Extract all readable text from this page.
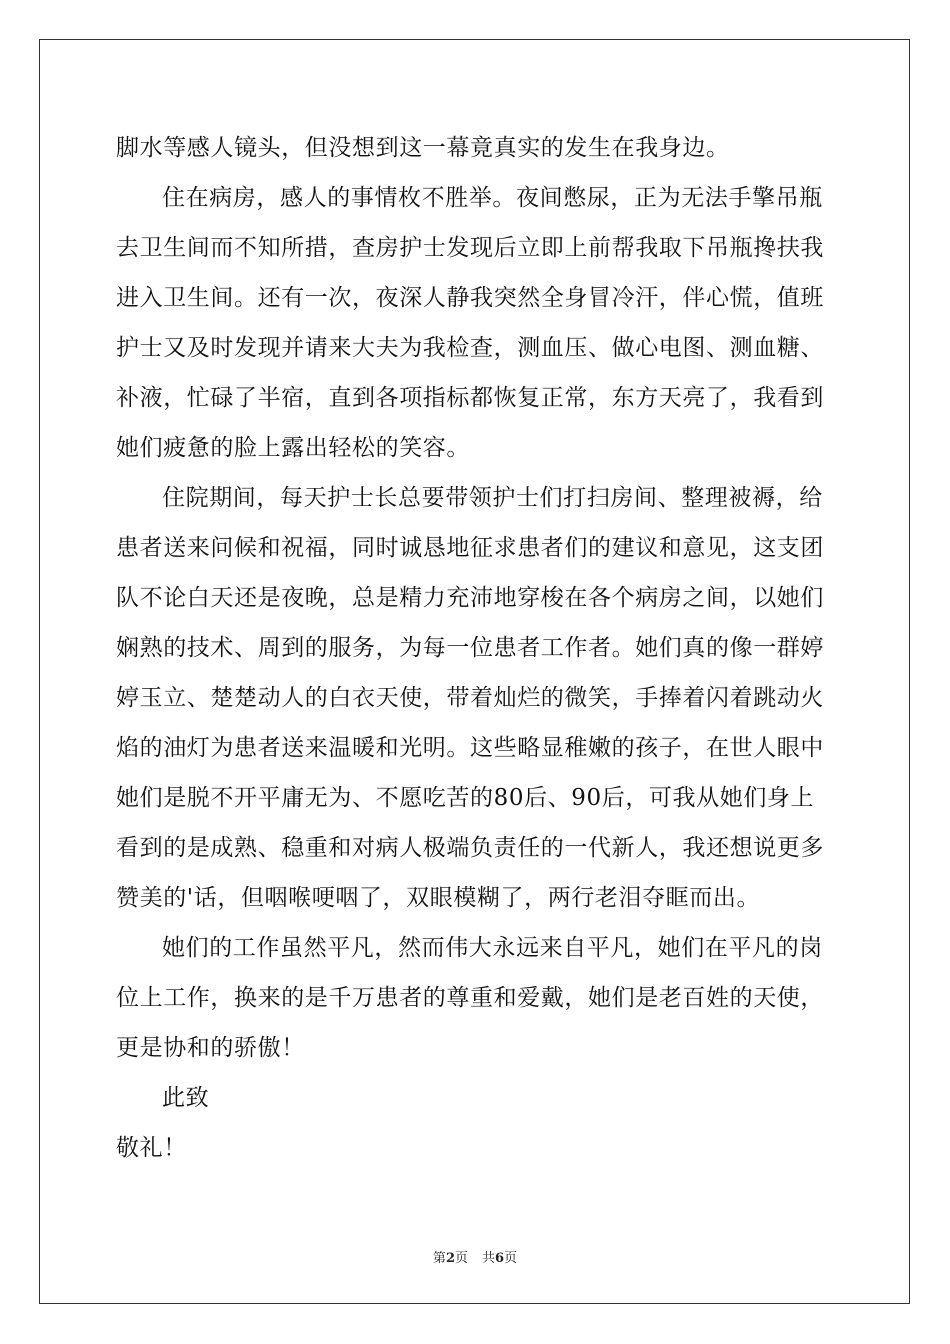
脚水等感人镜头，但没想到这一幕竟真实的发生在我身边。
住在病房，感人的事情枚不胜举。夜间憋尿，正为无法手擎吊瓶
去卫生间而不知所措，查房护士发现后立即上前帮我取下吊瓶搀扶我
进入卫生间。还有一次，夜深人静我突然全身冒冷汗，伴心慌，值班
护士又及时发现并请来大夫为我检查，测血压、做心电图、测血糖、
补液，忙碌了半宿，直到各项指标都恢复正常，东方天亮了，我看到
她们疲惫的脸上露出轻松的笑容。
住院期间，每天护士长总要带领护士们打扫房间、整理被褥，给
患者送来问候和祝福，同时诚恳地征求患者们的建议和意见，这支团
队不论白天还是夜晚，总是精力充沛地穿梭在各个病房之间，以她们
娴熟的技术、周到的服务，为每一位患者工作者。她们真的像一群婷
婷玉立、楚楚动人的白衣天使，带着灿烂的微笑，手捧着闪着跳动火
焰的油灯为患者送来温暖和光明。这些略显稚嫩的孩子，在世人眼中
她们是脱不开平庸无为、不愿吃苦的80后、90后，可我从她们身上
看到的是成熟、稳重和对病人极端负责任的一代新人，我还想说更多
赞美的'话，但咽喉哽咽了，双眼模糊了，两行老泪夺眶而出。
她们的工作虽然平凡，然而伟大永远来自平凡，她们在平凡的岗
位上工作，换来的是千万患者的尊重和爱戴，她们是老百姓的天使，
更是协和的骄傲！
此致
敬礼！
第2页 共6页
